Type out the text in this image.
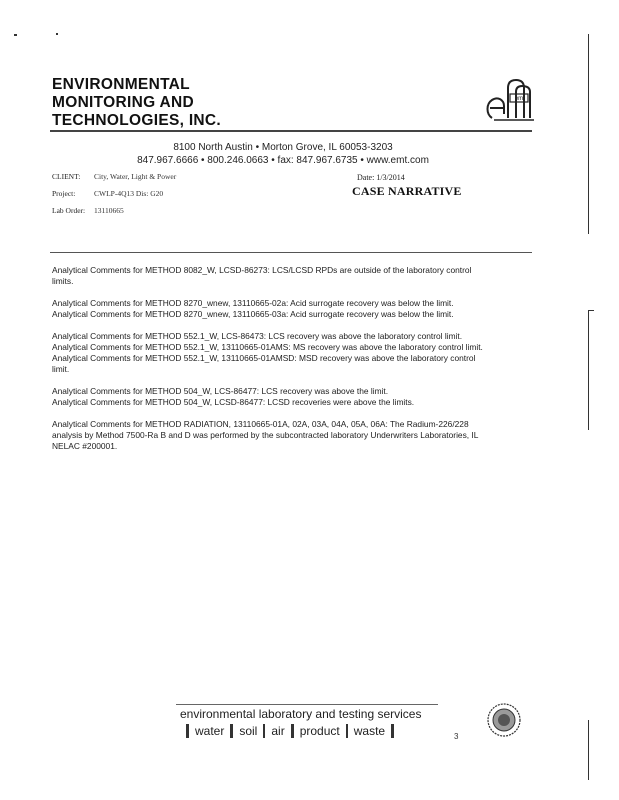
ENVIRONMENTAL
MONITORING AND
TECHNOLOGIES, INC.
em
8100 North Austin • Morton Grove, IL 60053-3203
847.967.6666 • 800.246.0663 • fax: 847.967.6735 • www.emt.com
CLIENT: City, Water, Light & Power
Project: CWLP-4Q13 Dis: G20
Lab Order: 13110665
Date: 1/3/2014
CASE NARRATIVE

Analytical Comments for METHOD 8082_W, LCSD-86273: LCS/LCSD RPDs are outside of the laboratory control limits.

Analytical Comments for METHOD 8270_wnew, 13110665-02a: Acid surrogate recovery was below the limit.

Analytical Comments for METHOD 8270_wnew, 13110665-03a: Acid surrogate recovery was below the limit.

Analytical Comments for METHOD 552.1_W, LCS-86473: LCS recovery was above the laboratory control limit.

Analytical Comments for METHOD 552.1_W, 13110665-01AMS: MS recovery was above the laboratory control limit. Analytical Comments for METHOD 552.1_W, 13110665-01AMSD: MSD recovery was above the laboratory control limit.

Analytical Comments for METHOD 504_W, LCS-86477: LCS recovery was above the limit.

Analytical Comments for METHOD 504_W, LCSD-86477: LCSD recoveries were above the limits.

Analytical Comments for METHOD RADIATION, 13110665-01A, 02A, 03A, 04A, 05A, 06A: The Radium-226/228 analysis by Method 7500-Ra B and D was performed by the subcontracted laboratory Underwriters Laboratories, IL NELAC #200001.

environmental laboratory and testing services
water soil air product waste	3
